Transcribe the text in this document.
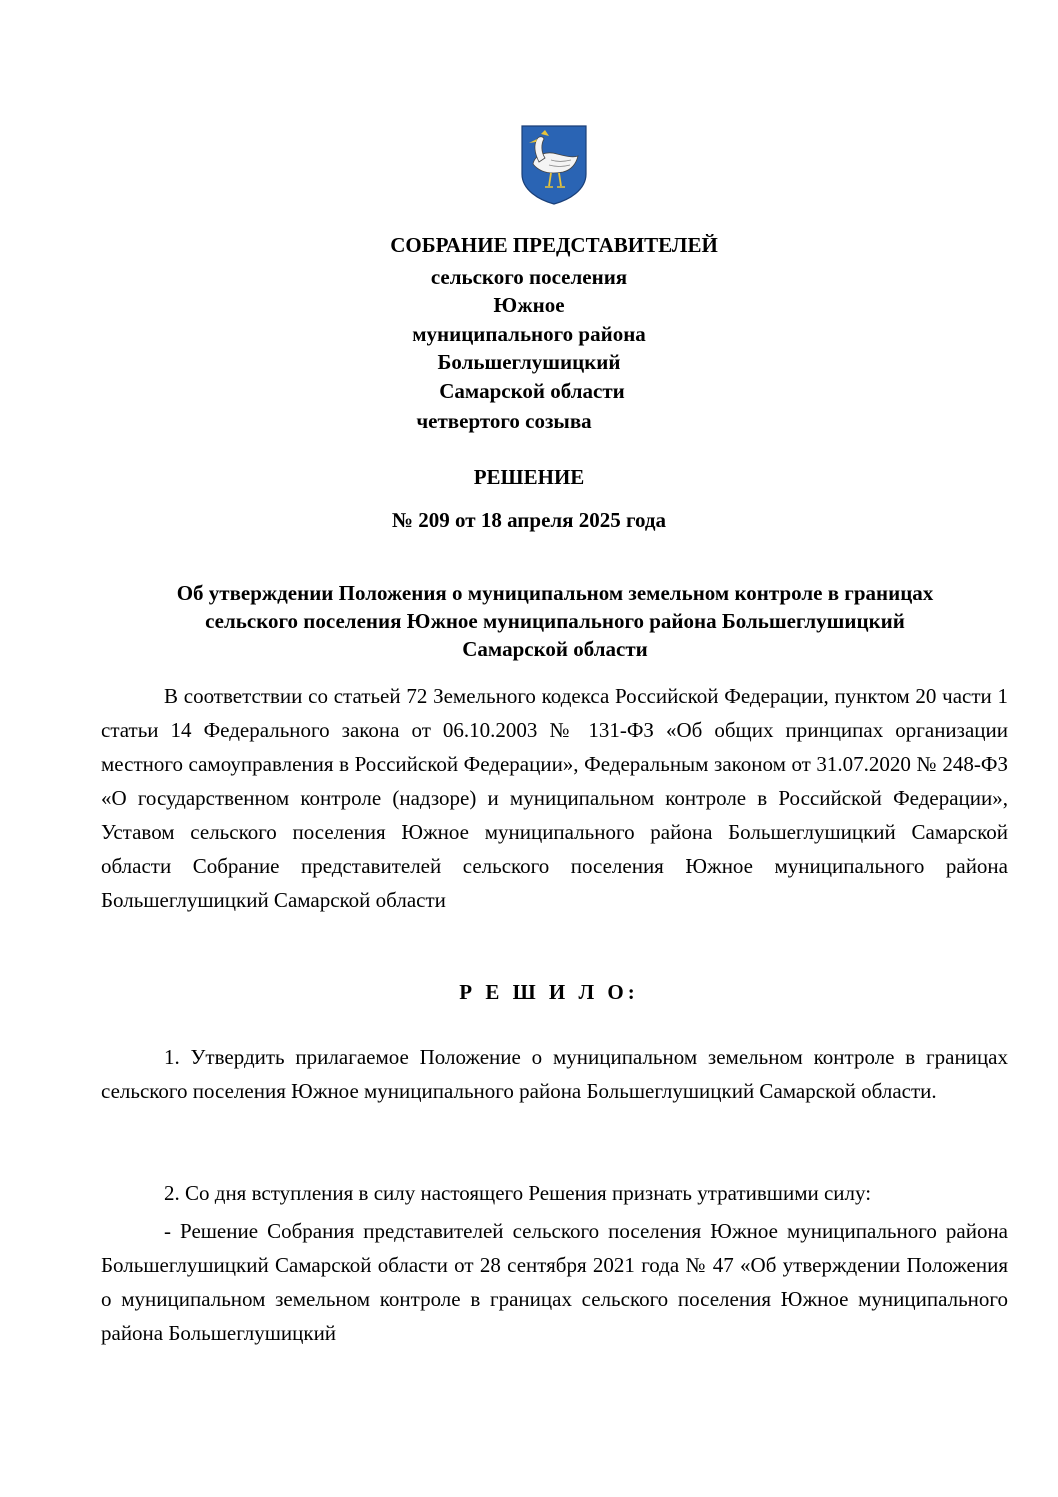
СОБРАНИЕ ПРЕДСТАВИТЕЛЕЙ
сельского поселения
Южное
муниципального района
Большеглушицкий
Самарской области
четвертого созыва
РЕШЕНИЕ
№ 209 от 18 апреля 2025 года
Об утверждении Положения о муниципальном земельном контроле в границах
сельского поселения Южное муниципального района Большеглушицкий
Самарской области

В соответствии со статьей 72 Земельного кодекса Российской Федерации, пунктом 20 части 1 статьи 14 Федерального закона от 06.10.2003 № 131-ФЗ «Об общих принципах организации местного самоуправления в Российской Федерации», Федеральным законом от 31.07.2020 № 248-ФЗ «О государственном контроле (надзоре) и муниципальном контроле в Российской Федерации», Уставом сельского поселения Южное муниципального района Большеглушицкий Самарской области Собрание представителей сельского поселения Южное муниципального района Большеглушицкий Самарской области

Р Е Ш И Л О:

1. Утвердить прилагаемое Положение о муниципальном земельном контроле в границах сельского поселения Южное муниципального района Большеглушицкий Самарской области.

2. Со дня вступления в силу настоящего Решения признать утратившими силу:

- Решение Собрания представителей сельского поселения Южное муниципального района Большеглушицкий Самарской области от 28 сентября 2021 года № 47 «Об утверждении Положения о муниципальном земельном контроле в границах сельского поселения Южное муниципального района Большеглушицкий
